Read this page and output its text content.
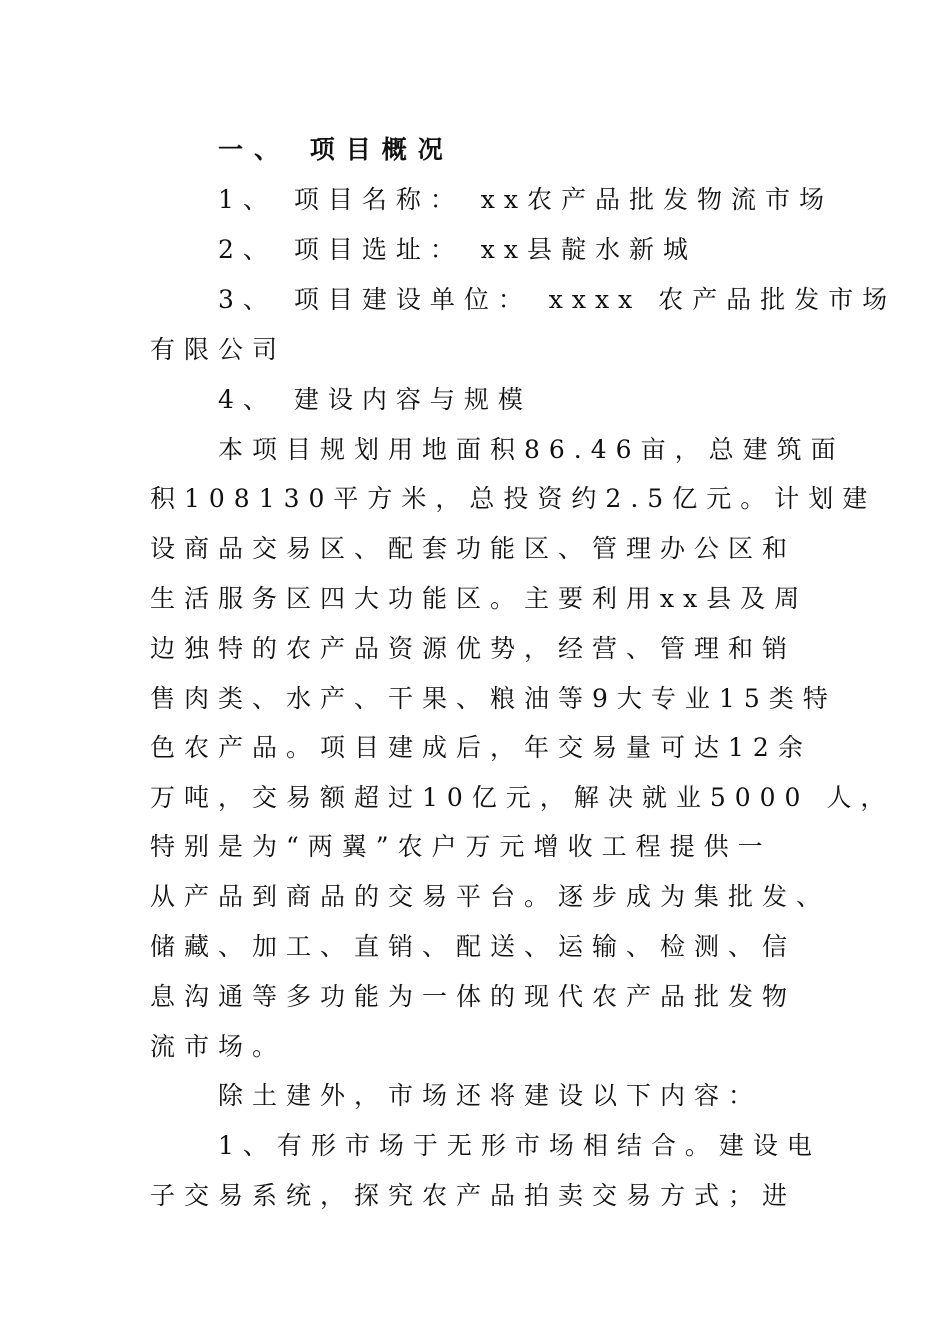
一、 项目概况
1、 项目名称： xx农产品批发物流市场
2、 项目选址： xx县靛水新城
3、 项目建设单位： xxxx 农产品批发市场
有限公司
4、 建设内容与规模
本项目规划用地面积86.46亩，总建筑面
积108130平方米，总投资约2.5亿元。计划建
设商品交易区、配套功能区、管理办公区和
生活服务区四大功能区。主要利用xx县及周
边独特的农产品资源优势，经营、管理和销
售肉类、水产、干果、粮油等9大专业15类特
色农产品。项目建成后，年交易量可达12余
万吨，交易额超过10亿元，解决就业5000 人，
特别是为“两翼”农户万元增收工程提供一
从产品到商品的交易平台。逐步成为集批发、
储藏、加工、直销、配送、运输、检测、信
息沟通等多功能为一体的现代农产品批发物
流市场。
除土建外，市场还将建设以下内容：
1、有形市场于无形市场相结合。建设电
子交易系统，探究农产品拍卖交易方式；进
